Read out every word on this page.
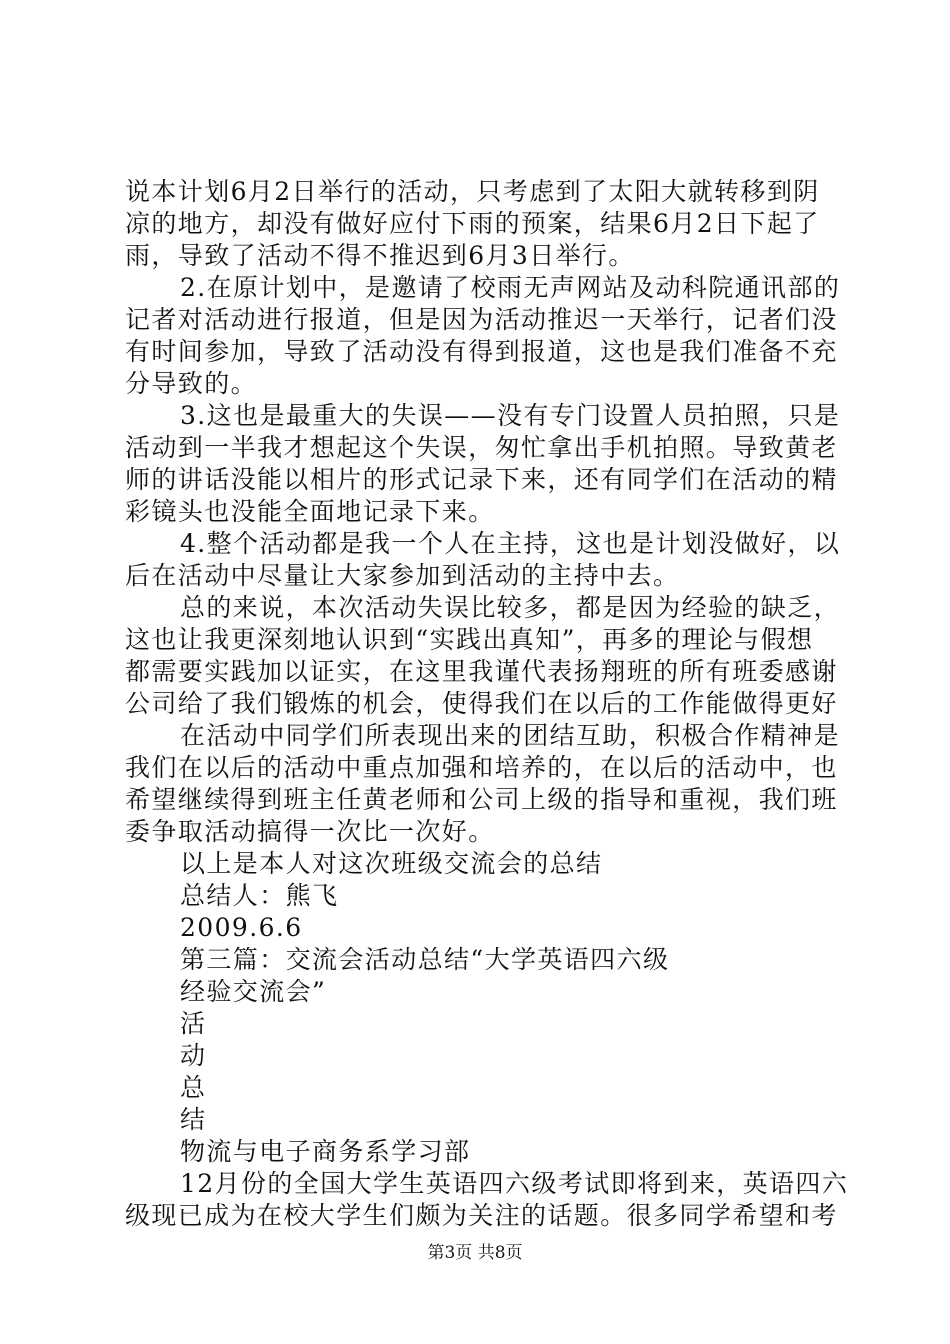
说本计划6月2日举行的活动，只考虑到了太阳大就转移到阴
凉的地方，却没有做好应付下雨的预案，结果6月2日下起了
雨，导致了活动不得不推迟到6月3日举行。
2.在原计划中，是邀请了校雨无声网站及动科院通讯部的
记者对活动进行报道，但是因为活动推迟一天举行，记者们没
有时间参加，导致了活动没有得到报道，这也是我们准备不充
分导致的。
3.这也是最重大的失误——没有专门设置人员拍照，只是
活动到一半我才想起这个失误，匆忙拿出手机拍照。导致黄老
师的讲话没能以相片的形式记录下来，还有同学们在活动的精
彩镜头也没能全面地记录下来。
4.整个活动都是我一个人在主持，这也是计划没做好，以
后在活动中尽量让大家参加到活动的主持中去。
总的来说，本次活动失误比较多，都是因为经验的缺乏，
这也让我更深刻地认识到“实践出真知”，再多的理论与假想
都需要实践加以证实，在这里我谨代表扬翔班的所有班委感谢
公司给了我们锻炼的机会，使得我们在以后的工作能做得更好
在活动中同学们所表现出来的团结互助，积极合作精神是
我们在以后的活动中重点加强和培养的，在以后的活动中，也
希望继续得到班主任黄老师和公司上级的指导和重视，我们班
委争取活动搞得一次比一次好。
以上是本人对这次班级交流会的总结
总结人：熊飞
2009.6.6
第三篇：交流会活动总结“大学英语四六级
经验交流会”
活
动
总
结
物流与电子商务系学习部
12月份的全国大学生英语四六级考试即将到来，英语四六
级现已成为在校大学生们颇为关注的话题。很多同学希望和考
第3页 共8页
